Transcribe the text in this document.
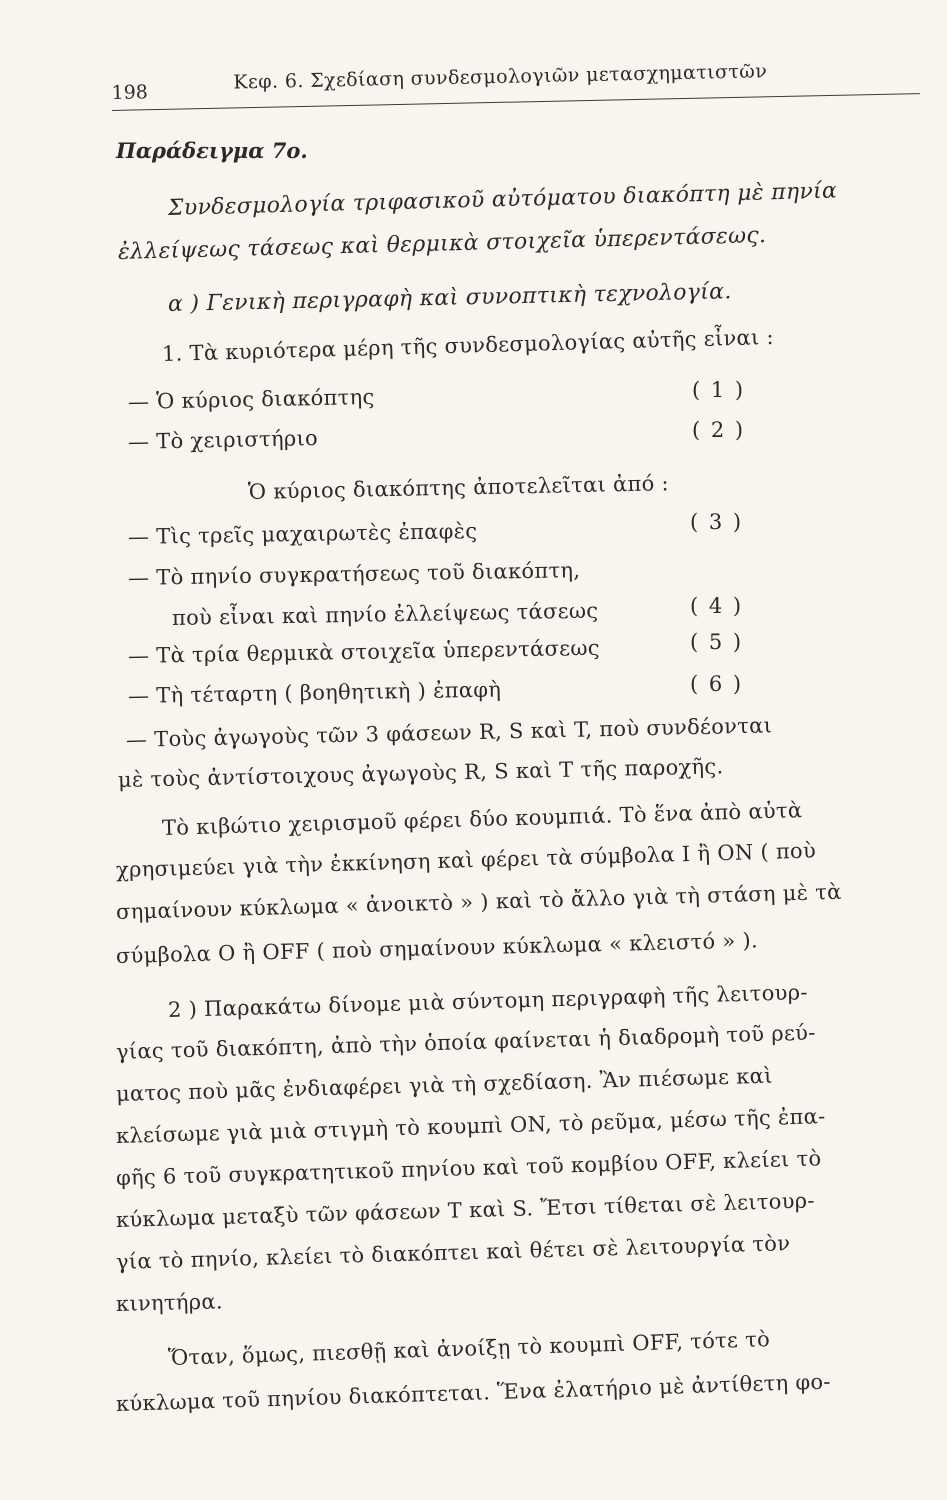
198	Κεφ. 6. Σχεδίαση συνδεσμολογιῶν μετασχηματιστῶν
Παράδειγμα 7ο.
Συνδεσμολογία τριφασικοῦ αὐτόματου διακόπτη μὲ πηνία
ἐλλείψεως τάσεως καὶ θερμικὰ στοιχεῖα ὑπερεντάσεως.
α ) Γενικὴ περιγραφὴ καὶ συνοπτικὴ τεχνολογία.
1. Τὰ κυριότερα μέρη τῆς συνδεσμολογίας αὐτῆς εἶναι :
— Ὁ κύριος διακόπτης	( 1 )
— Τὸ χειριστήριο	( 2 )
Ὁ κύριος διακόπτης ἀποτελεῖται ἀπό :
— Τὶς τρεῖς μαχαιρωτὲς ἐπαφὲς	( 3 )
— Τὸ πηνίο συγκρατήσεως τοῦ διακόπτη,
ποὺ εἶναι καὶ πηνίο ἐλλείψεως τάσεως	( 4 )
— Τὰ τρία θερμικὰ στοιχεῖα ὑπερεντάσεως	( 5 )
— Τὴ τέταρτη ( βοηθητικὴ ) ἐπαφὴ	( 6 )
— Τοὺς ἀγωγοὺς τῶν 3 φάσεων R, S καὶ T, ποὺ συνδέονται
μὲ τοὺς ἀντίστοιχους ἀγωγοὺς R, S καὶ T τῆς παροχῆς.
Τὸ κιβώτιο χειρισμοῦ φέρει δύο κουμπιά. Τὸ ἕνα ἀπὸ αὐτὰ
χρησιμεύει γιὰ τὴν ἐκκίνηση καὶ φέρει τὰ σύμβολα I ἢ ON ( ποὺ
σημαίνουν κύκλωμα « ἀνοικτὸ » ) καὶ τὸ ἄλλο γιὰ τὴ στάση μὲ τὰ
σύμβολα O ἢ OFF ( ποὺ σημαίνουν κύκλωμα « κλειστό » ).
2 ) Παρακάτω δίνομε μιὰ σύντομη περιγραφὴ τῆς λειτουρ-
γίας τοῦ διακόπτη, ἀπὸ τὴν ὁποία φαίνεται ἡ διαδρομὴ τοῦ ρεύ-
ματος ποὺ μᾶς ἐνδιαφέρει γιὰ τὴ σχεδίαση. Ἂν πιέσωμε καὶ
κλείσωμε γιὰ μιὰ στιγμὴ τὸ κουμπὶ ON, τὸ ρεῦμα, μέσω τῆς ἐπα-
φῆς 6 τοῦ συγκρατητικοῦ πηνίου καὶ τοῦ κομβίου OFF, κλείει τὸ
κύκλωμα μεταξὺ τῶν φάσεων T καὶ S. Ἔτσι τίθεται σὲ λειτουρ-
γία τὸ πηνίο, κλείει τὸ διακόπτει καὶ θέτει σὲ λειτουργία τὸν
κινητήρα.
Ὅταν, ὅμως, πιεσθῇ καὶ ἀνοίξῃ τὸ κουμπὶ OFF, τότε τὸ
κύκλωμα τοῦ πηνίου διακόπτεται. Ἕνα ἐλατήριο μὲ ἀντίθετη φο-
